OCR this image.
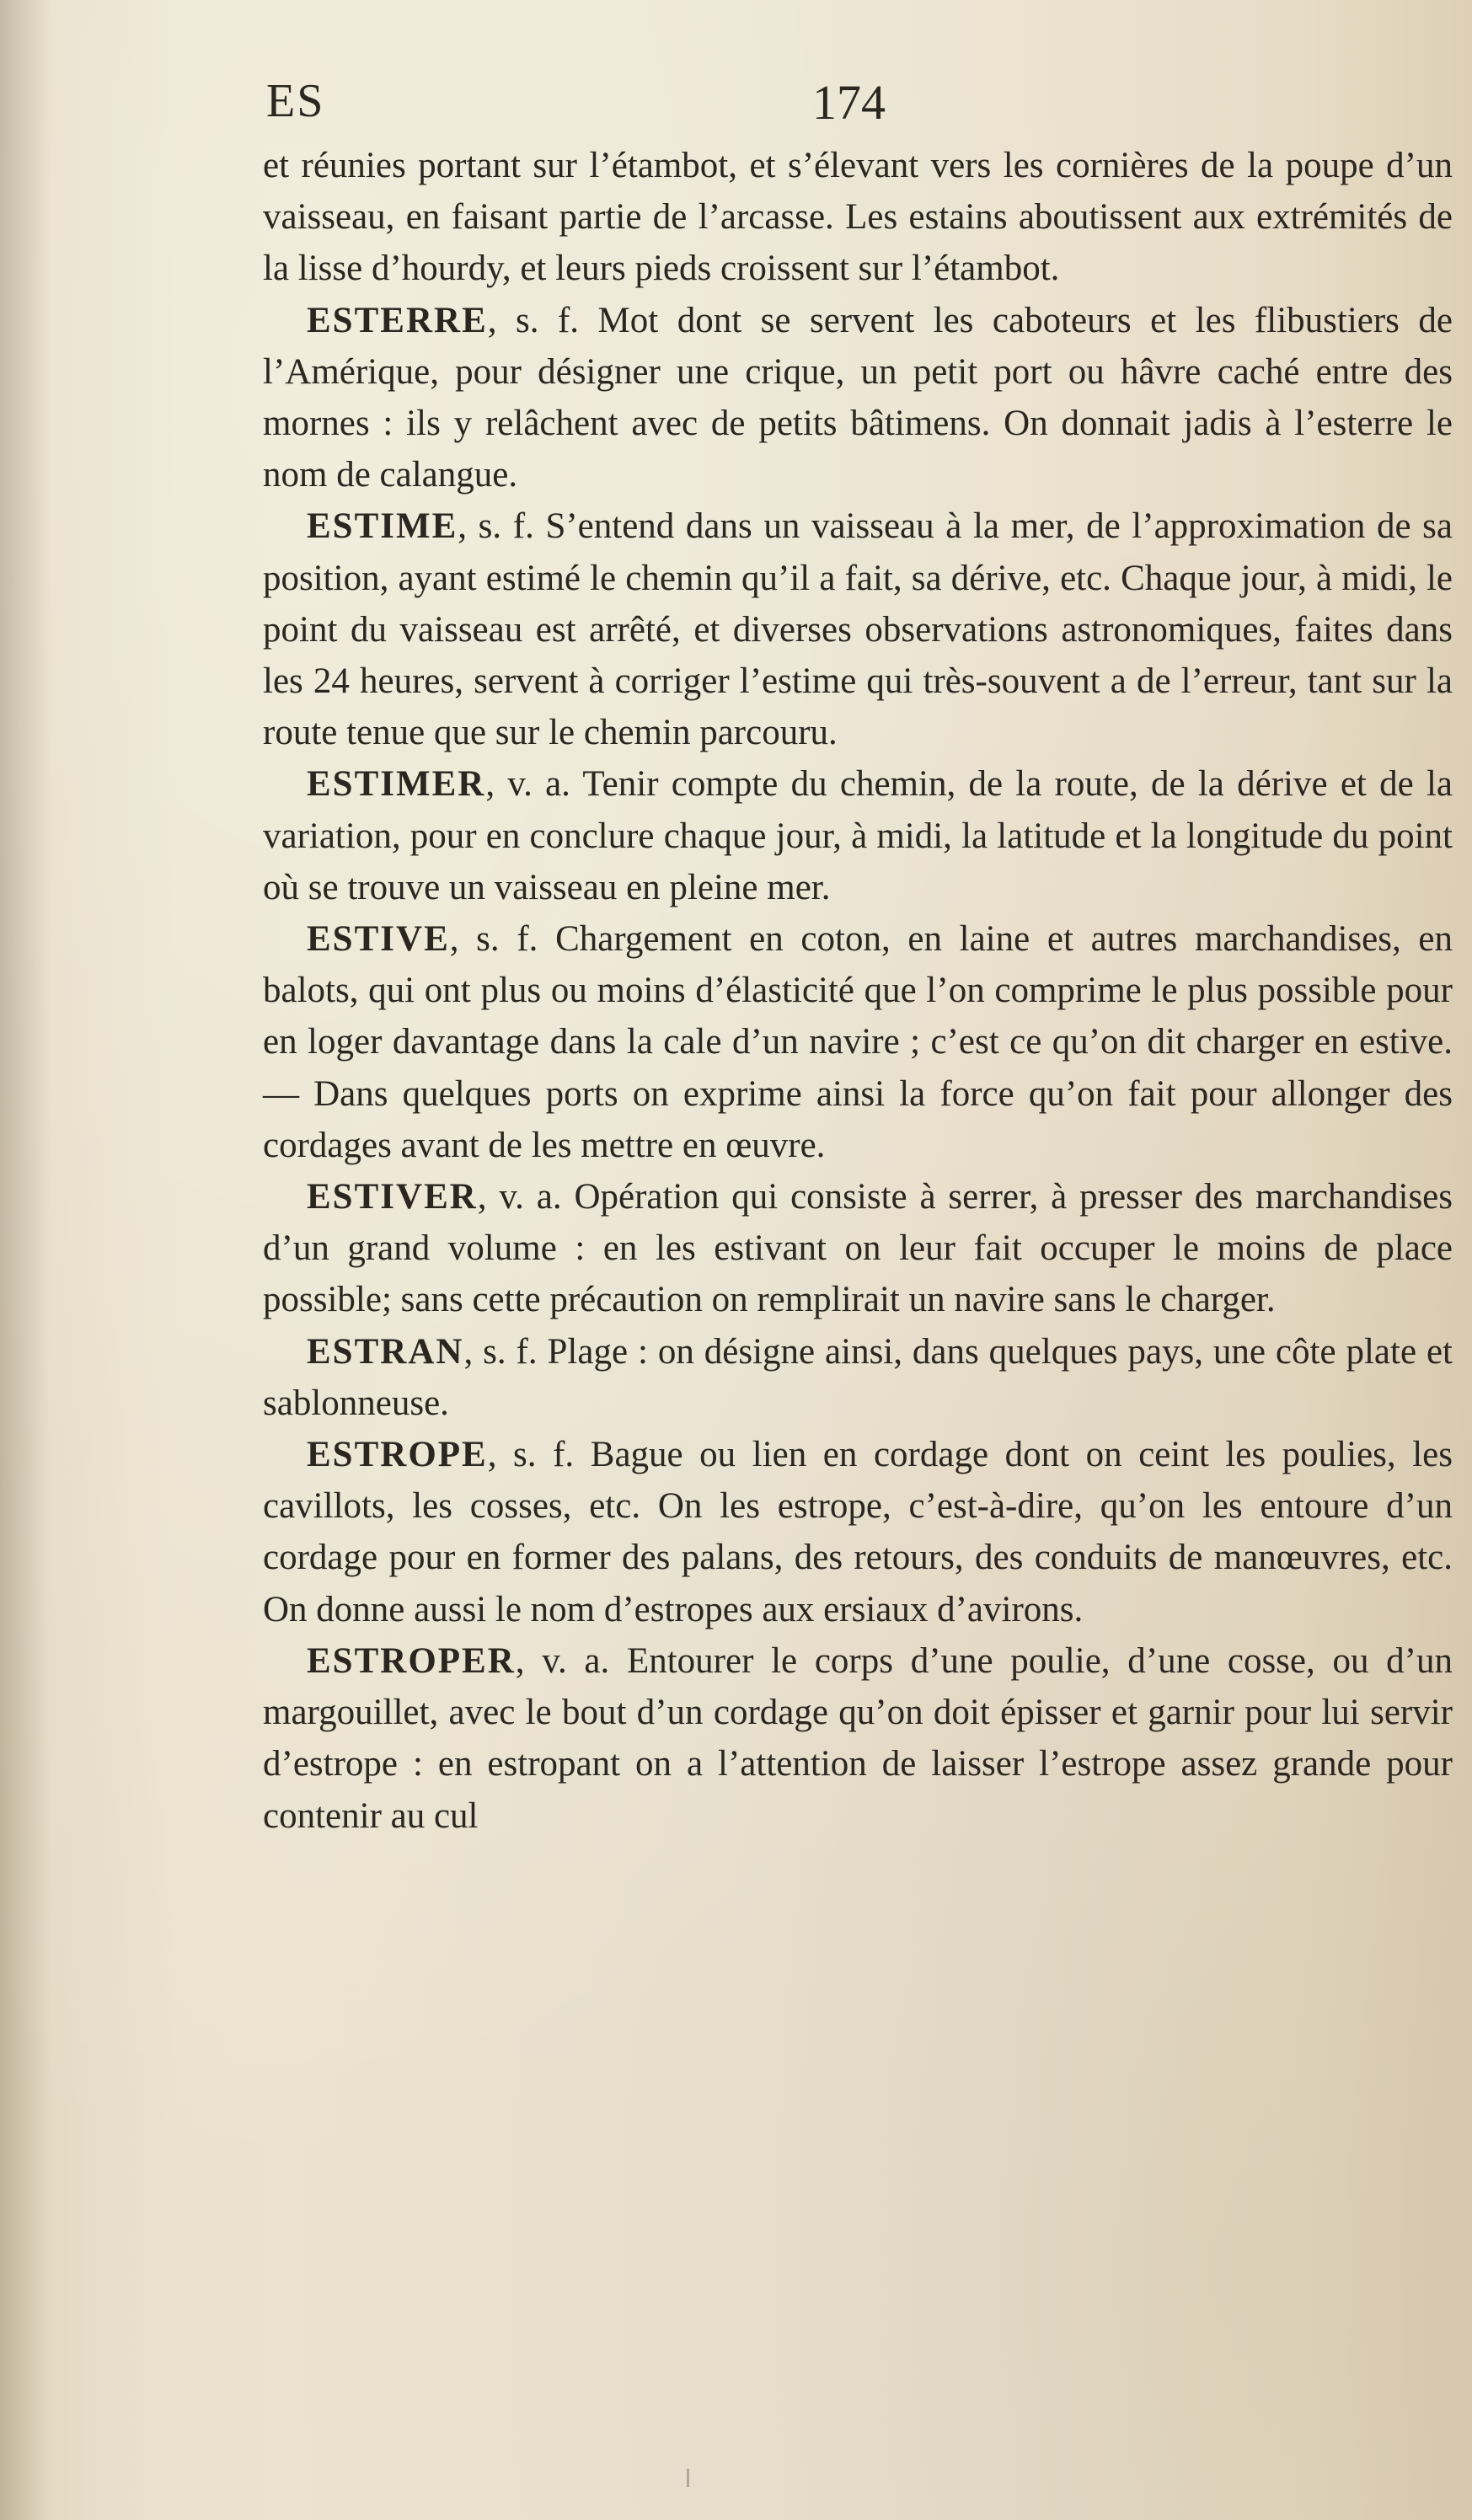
ES	174

et réunies portant sur l’étambot, et s’élevant vers les cornières de la poupe d’un vaisseau, en faisant partie de l’arcasse. Les estains aboutissent aux extrémités de la lisse d’hourdy, et leurs pieds croissent sur l’étambot.

ESTERRE, s. f. Mot dont se servent les caboteurs et les flibustiers de l’Amérique, pour désigner une crique, un petit port ou hâvre caché entre des mornes : ils y relâchent avec de petits bâtimens. On donnait jadis à l’esterre le nom de calangue.

ESTIME, s. f. S’entend dans un vaisseau à la mer, de l’approximation de sa position, ayant estimé le chemin qu’il a fait, sa dérive, etc. Chaque jour, à midi, le point du vaisseau est arrêté, et diverses observations astronomiques, faites dans les 24 heures, servent à corriger l’estime qui très-souvent a de l’erreur, tant sur la route tenue que sur le chemin parcouru.

ESTIMER, v. a. Tenir compte du chemin, de la route, de la dérive et de la variation, pour en conclure chaque jour, à midi, la latitude et la longitude du point où se trouve un vaisseau en pleine mer.

ESTIVE, s. f. Chargement en coton, en laine et autres marchandises, en balots, qui ont plus ou moins d’élasticité que l’on comprime le plus possible pour en loger davantage dans la cale d’un navire ; c’est ce qu’on dit charger en estive. — Dans quelques ports on exprime ainsi la force qu’on fait pour allonger des cordages avant de les mettre en œuvre.

ESTIVER, v. a. Opération qui consiste à serrer, à presser des marchandises d’un grand volume : en les estivant on leur fait occuper le moins de place possible; sans cette précaution on remplirait un navire sans le charger.

ESTRAN, s. f. Plage : on désigne ainsi, dans quelques pays, une côte plate et sablonneuse.

ESTROPE, s. f. Bague ou lien en cordage dont on ceint les poulies, les cavillots, les cosses, etc. On les estrope, c’est-à-dire, qu’on les entoure d’un cordage pour en former des palans, des retours, des conduits de manœuvres, etc. On donne aussi le nom d’estropes aux ersiaux d’avirons.

ESTROPER, v. a. Entourer le corps d’une poulie, d’une cosse, ou d’un margouillet, avec le bout d’un cordage qu’on doit épisser et garnir pour lui servir d’estrope : en estropant on a l’attention de laisser l’estrope assez grande pour contenir au cul
